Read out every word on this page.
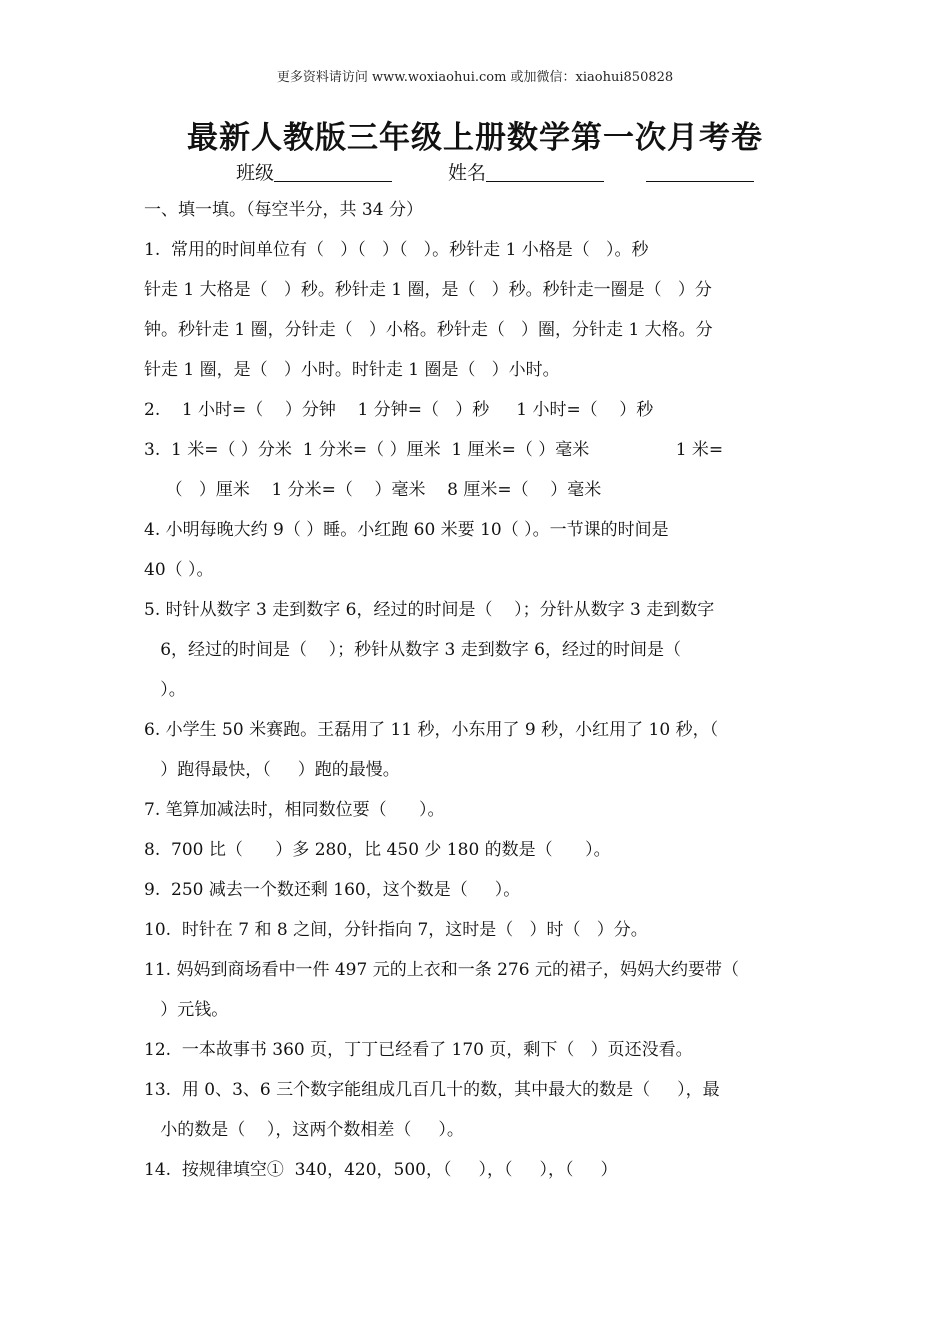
更多资料请访问 www.woxiaohui.com 或加微信：xiaohui850828
最新人教版三年级上册数学第一次月考卷
班级	姓名
一、填一填。（每空半分，共 34 分）
1.  常用的时间单位有（   ）（   ）（   ）。秒针走 1 小格是（   ）。秒
针走 1 大格是（   ）秒。秒针走 1 圈，是（   ）秒。秒针走一圈是（   ）分
钟。秒针走 1 圈，分针走（   ）小格。秒针走（   ）圈，分针走 1 大格。分
针走 1 圈，是（   ）小时。时针走 1 圈是（   ）小时。
2.    1 小时=（    ）分钟    1 分钟=（   ）秒     1 小时=（    ）秒
3.  1 米=（ ）分米  1 分米=（ ）厘米  1 厘米=（ ）毫米                1 米=
（   ）厘米    1 分米=（    ）毫米    8 厘米=（    ）毫米
4. 小明每晚大约 9（ ）睡。小红跑 60 米要 10（ ）。一节课的时间是
40（ ）。
5. 时针从数字 3 走到数字 6，经过的时间是（    ）；分针从数字 3 走到数字
6，经过的时间是（    ）；秒针从数字 3 走到数字 6，经过的时间是（
）。
6. 小学生 50 米赛跑。王磊用了 11 秒，小东用了 9 秒，小红用了 10 秒，（
）跑得最快，（     ）跑的最慢。
7. 笔算加减法时，相同数位要（      ）。
8.  700 比（      ）多 280，比 450 少 180 的数是（      ）。
9.  250 减去一个数还剩 160，这个数是（     ）。
10.  时针在 7 和 8 之间，分针指向 7，这时是（   ）时（   ）分。
11. 妈妈到商场看中一件 497 元的上衣和一条 276 元的裙子，妈妈大约要带（
）元钱。
12.  一本故事书 360 页，丁丁已经看了 170 页，剩下（   ）页还没看。
13.  用 0、3、6 三个数字能组成几百几十的数，其中最大的数是（     ），最
小的数是（    ），这两个数相差（     ）。
14.  按规律填空①  340，420，500，（     ），（     ），（     ）
